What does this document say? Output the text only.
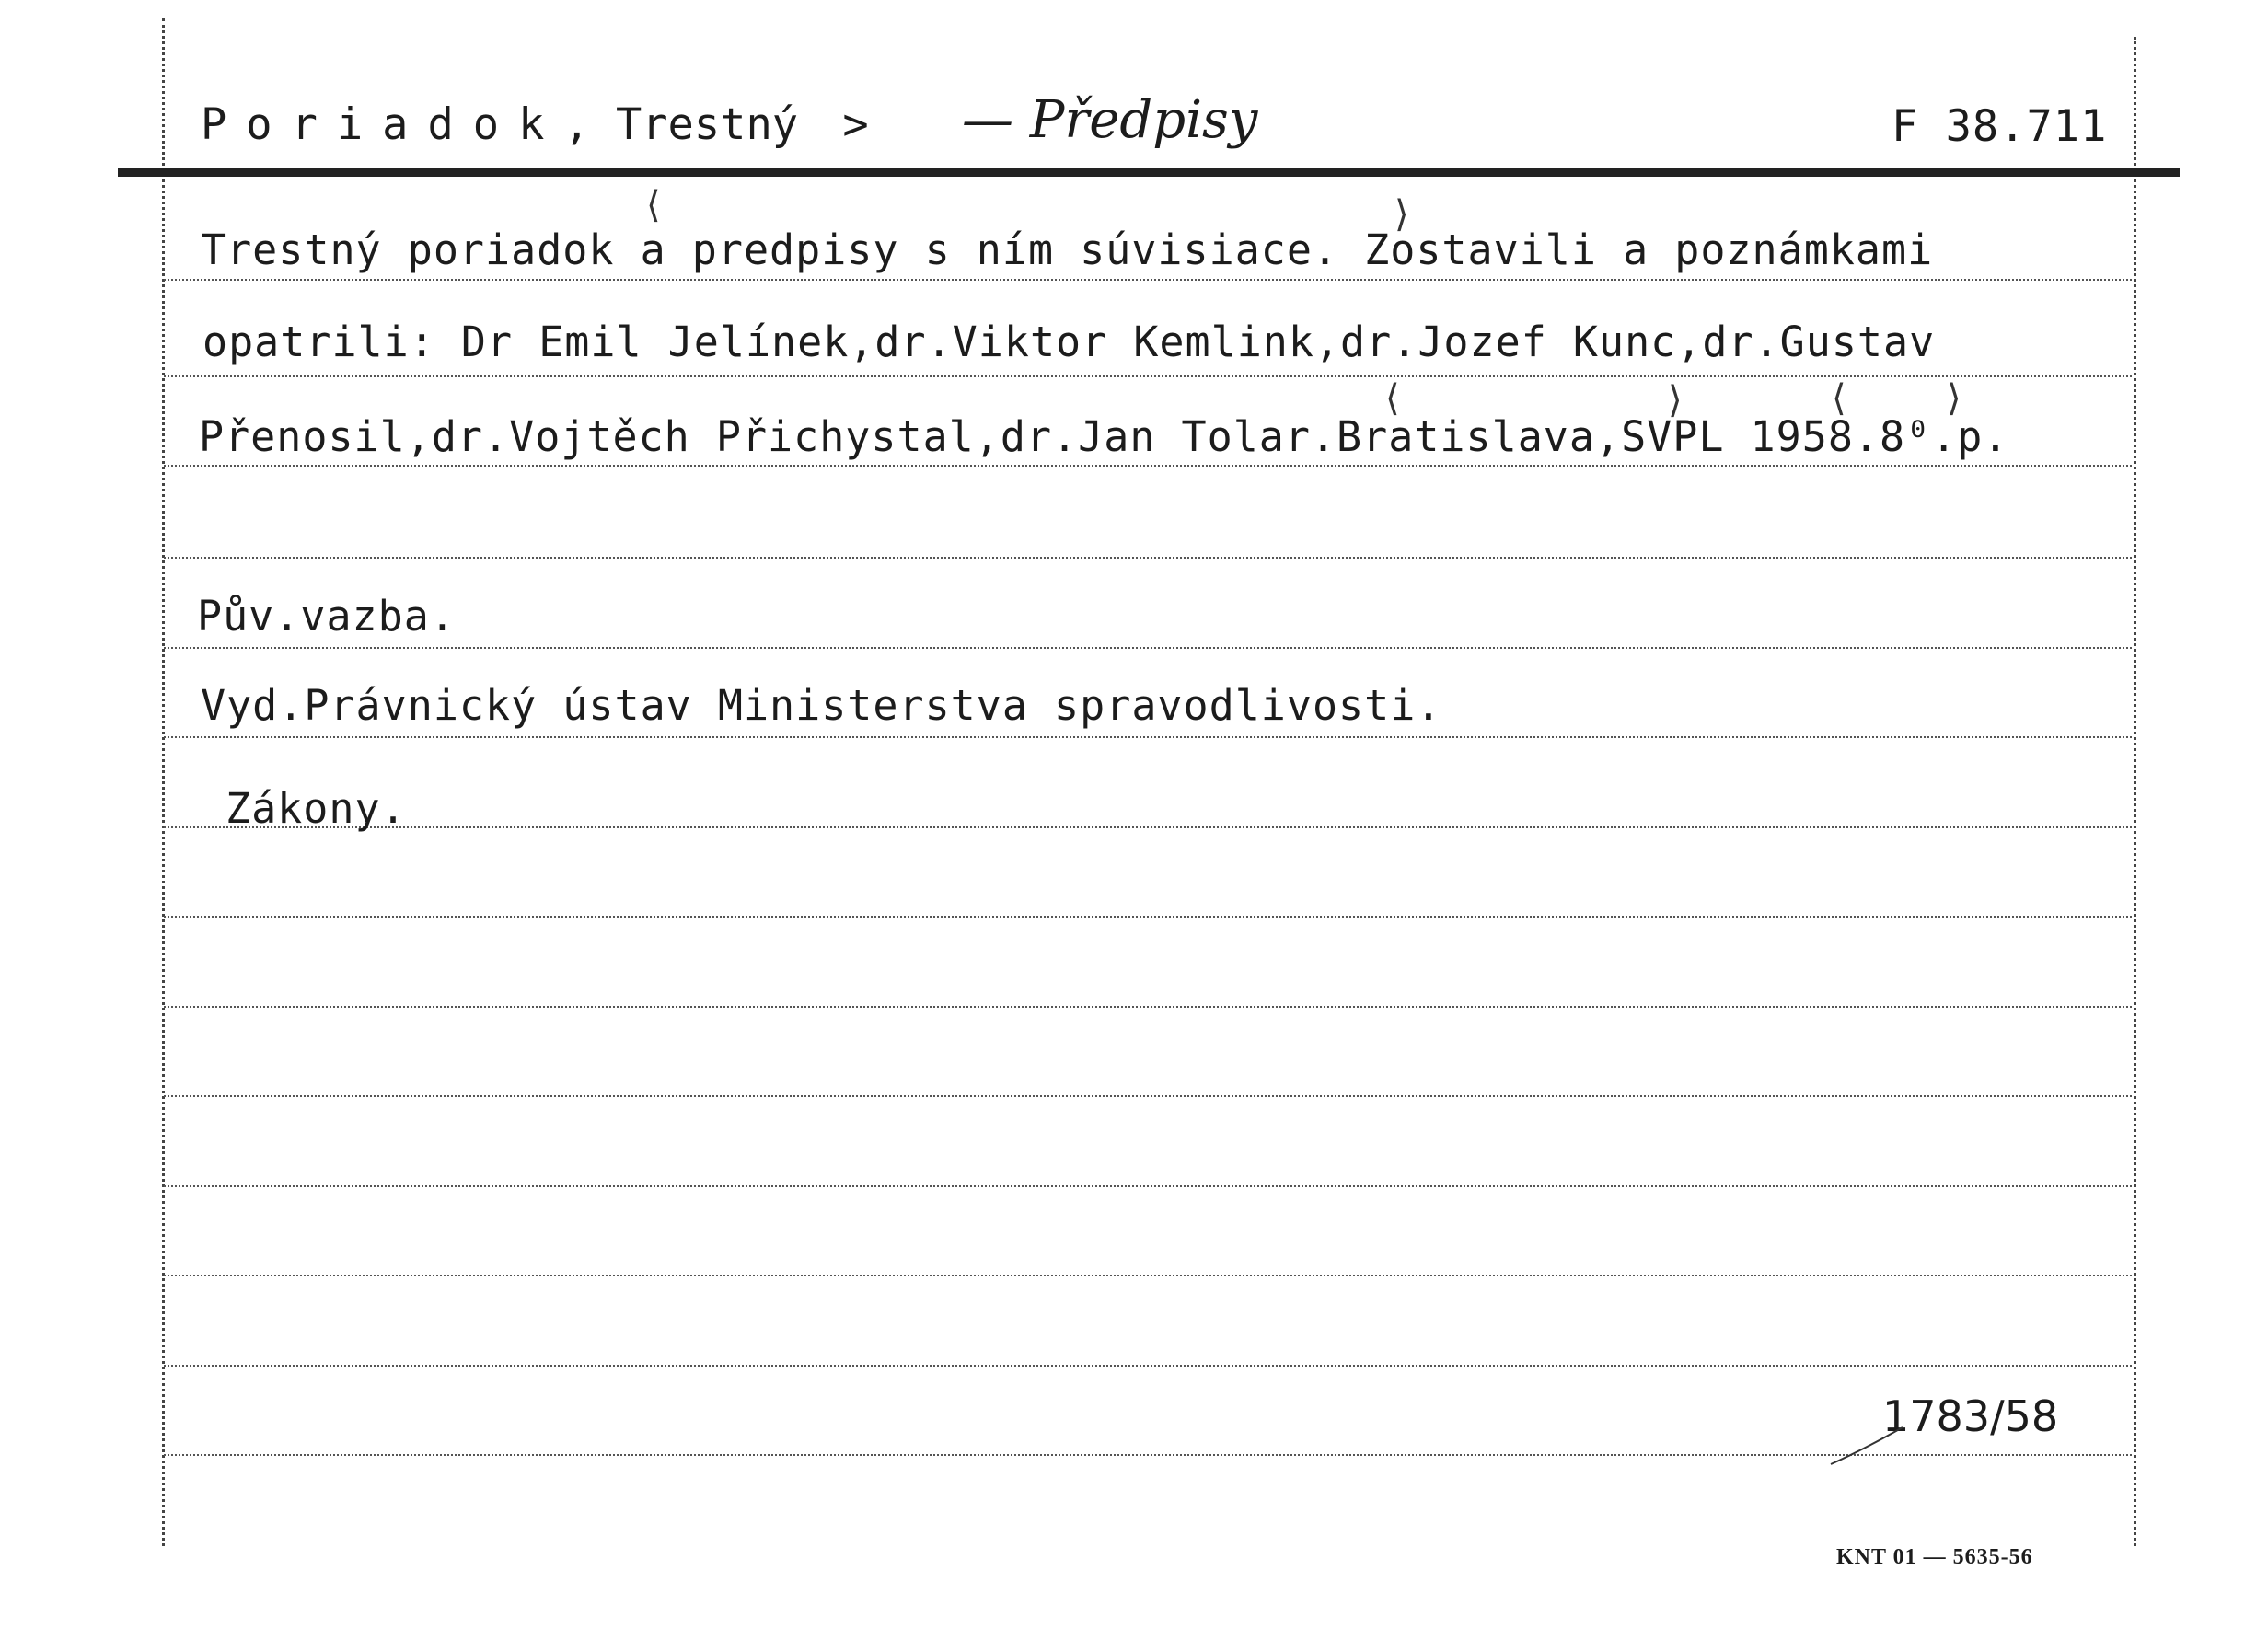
Poriadok, Trestný > — Předpisy	F 38.711
Trestný poriadok a predpisy s ním súvisiace. Zostavili a poznámkami
opatrili: Dr Emil Jelínek,dr.Viktor Kemlink,dr.Jozef Kunc,dr.Gustav
Přenosil,dr.Vojtěch Přichystal,dr.Jan Tolar.Bratislava,SVPL 1958.8⁰.p.
⟨	⟩
⟨	⟩	⟨	⟩
Pův.vazba.
Vyd.Právnický ústav Ministerstva spravodlivosti.
Zákony.
1783/58
KNT 01 — 5635-56
